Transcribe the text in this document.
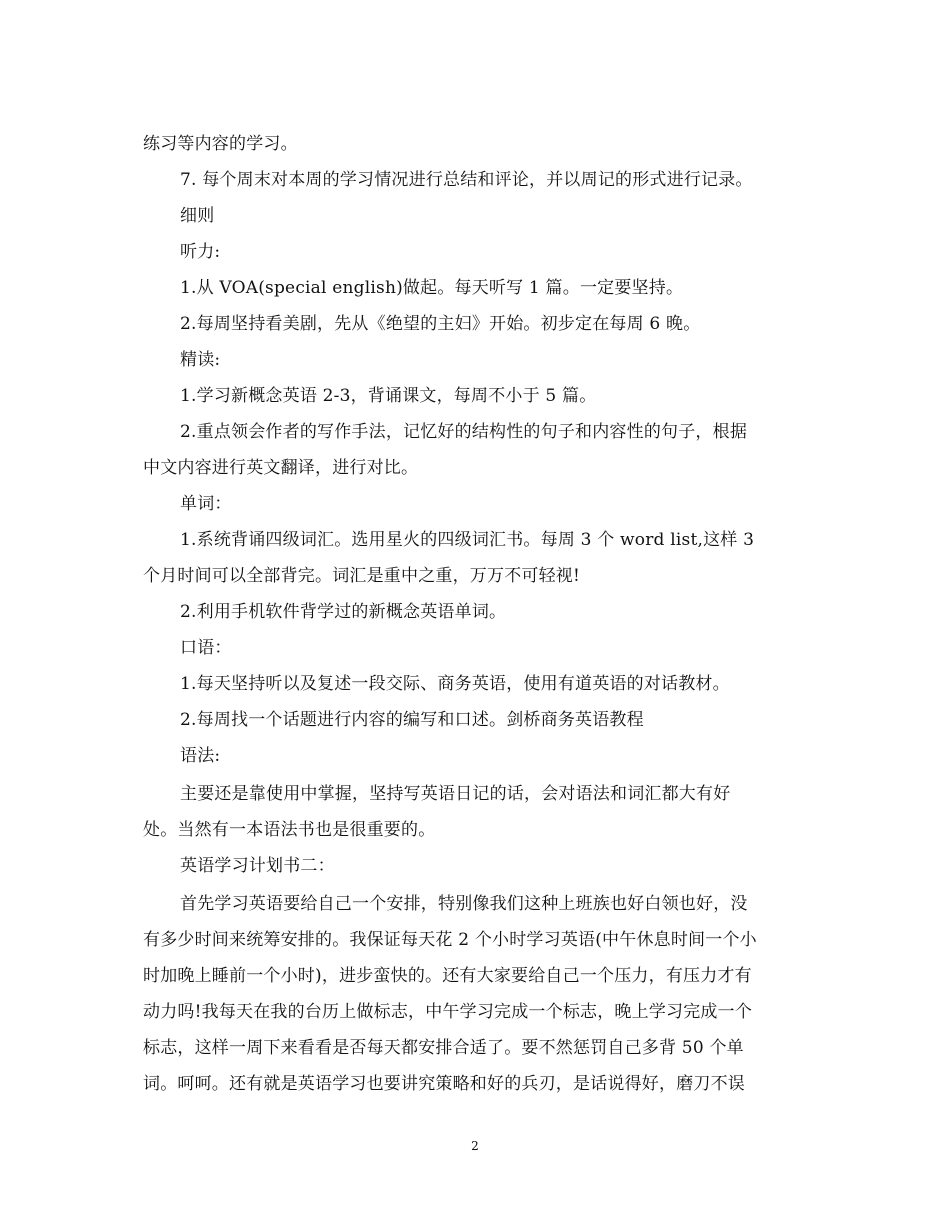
练习等内容的学习。
7. 每个周末对本周的学习情况进行总结和评论，并以周记的形式进行记录。
细则
听力:
1.从 VOA(special english)做起。每天听写 1 篇。一定要坚持。
2.每周坚持看美剧，先从《绝望的主妇》开始。初步定在每周 6 晚。
精读:
1.学习新概念英语 2-3，背诵课文，每周不小于 5 篇。
2.重点领会作者的写作手法，记忆好的结构性的句子和内容性的句子，根据
中文内容进行英文翻译，进行对比。
单词：
1.系统背诵四级词汇。选用星火的四级词汇书。每周 3 个 word list,这样 3
个月时间可以全部背完。词汇是重中之重，万万不可轻视!
2.利用手机软件背学过的新概念英语单词。
口语：
1.每天坚持听以及复述一段交际、商务英语，使用有道英语的对话教材。
2.每周找一个话题进行内容的编写和口述。剑桥商务英语教程
语法:
主要还是靠使用中掌握，坚持写英语日记的话，会对语法和词汇都大有好
处。当然有一本语法书也是很重要的。
英语学习计划书二：
首先学习英语要给自己一个安排，特别像我们这种上班族也好白领也好，没
有多少时间来统筹安排的。我保证每天花 2 个小时学习英语(中午休息时间一个小
时加晚上睡前一个小时)，进步蛮快的。还有大家要给自己一个压力，有压力才有
动力吗!我每天在我的台历上做标志，中午学习完成一个标志，晚上学习完成一个
标志，这样一周下来看看是否每天都安排合适了。要不然惩罚自己多背 50 个单
词。呵呵。还有就是英语学习也要讲究策略和好的兵刃，是话说得好，磨刀不误
2
